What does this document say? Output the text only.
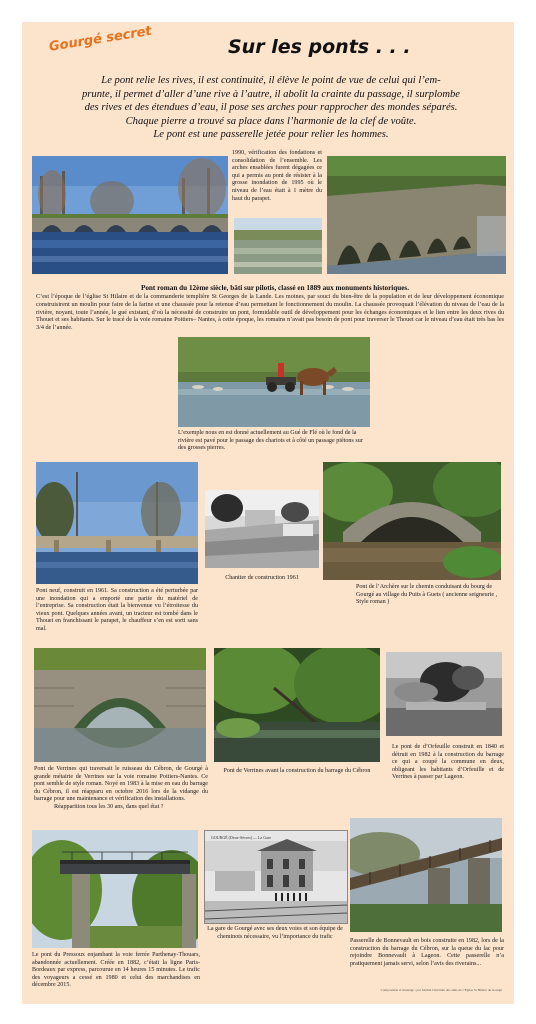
Gourgé secret	Sur les ponts . . .
Le pont relie les rives, il est continuité, il élève le point de vue de celui qui l’em-
prunte, il permet d’aller d’une rive à l’autre, il abolit la crainte du passage, il surplombe
des rives et des étendues d’eau, il pose ses arches pour rapprocher des mondes séparés.
Chaque pierre a trouvé sa place dans l’harmonie de la clef de voûte.
Le pont est une passerelle jetée pour relier les hommes.
1990, vérification des fondations et consolidation de l’ensemble. Les arches ensablées furent dégagées ce qui a permis au pont de résister à la grosse inondation de 1995 où le niveau de l’eau était à 1 mètre du haut du parapet.
Pont roman du 12ème siècle, bâti sur pilotis, classé en 1889 aux monuments historiques.
C’est l’époque de l’église St Hilaire et de la commanderie templière St Georges de la Lande. Les moines, par souci du bien-être de la population et de leur développement économique construisirent un moulin pour faire de la farine et une chaussée pour la retenue d’eau permettant le fonctionnement du moulin. La chaussée provoquait l’élévation du niveau de l’eau de la rivière, noyant, toute l’année, le gué existant, d’où la nécessité de construire un pont, formidable outil de développement pour les échanges économiques et le lien entre les deux rives du Thouet et ses habitants. Sur le tracé de la voie romaine Poitiers– Nantes, à cette époque, les romains n’avait pas besoin de pont pour traverser le Thouet car le niveau d’eau était très bas les 3/4 de l’année.
L’exemple nous en est donné actuellement au Gué de Flé où le fond de la rivière est pavé pour le passage des chariots et à côté un passage piétons sur des grosses pierres.
Pont neuf, construit en 1961. Sa construction a été perturbée par une inondation qui a emporté une partie du matériel de l’entreprise. Sa construction était la bienvenue vu l’étroitesse du vieux pont. Quelques années avant, un tracteur est tombé dans le Thouet en franchissant le parapet, le chauffeur s’en est sorti sans mal.
Chantier de construction 1961
Pont de l’Archère sur le chemin conduisant du bourg de Gourgé au village du Puits à Guets ( ancienne seigneurie , Style roman )
Pont de Verrines qui traversait le ruisseau du Cébron, de Gourgé à grande métairie de Verrines sur la voie romaine Poitiers-Nantes. Ce pont semble de style roman. Noyé en 1983 à la mise en eau du barrage du Cébron, il est réapparu en octobre 2016 lors de la vidange du barrage pour une maintenance et vérification des installations.
Réapparition tous les 30 ans, dans quel état ?
Pont de Verrines avant la construction du barrage du Cébron
Le pont de d’Orfeuille construit en 1840 et détruit en 1982 à la construction du barrage ce qui a coupé la commune en deux, obligeant les habitants d’Orfeuille et de Verrines à passer par Lageon.
Le pont du Pressoux enjambant la voie ferrée Parthenay-Thouars, abandonnée actuellement. Créée en 1882, c’était la ligne Paris-Bordeaux par express, parcourue en 14 heures 15 minutes. Le trafic des voyageurs a cessé en 1980 et celui des marchandises en décembre 2015.
GOURGÉ (Deux-Sèvres) — La Gare
La gare de Gourgé avec ses deux voies et son équipe de cheminots nécessaire, vu l’importance du trafic
Passerelle de Bonnevault en bois construite en 1982, lors de la construction du barrage du Cébron, sur la queue du lac pour rejoindre Bonnevault à Lageon. Cette passerelle n’a pratiquement jamais servi, selon l’avis des riverains...
Composition et montage : par Michel Chartrain des amis de l’Eglise St Hilaire de Gourgé
